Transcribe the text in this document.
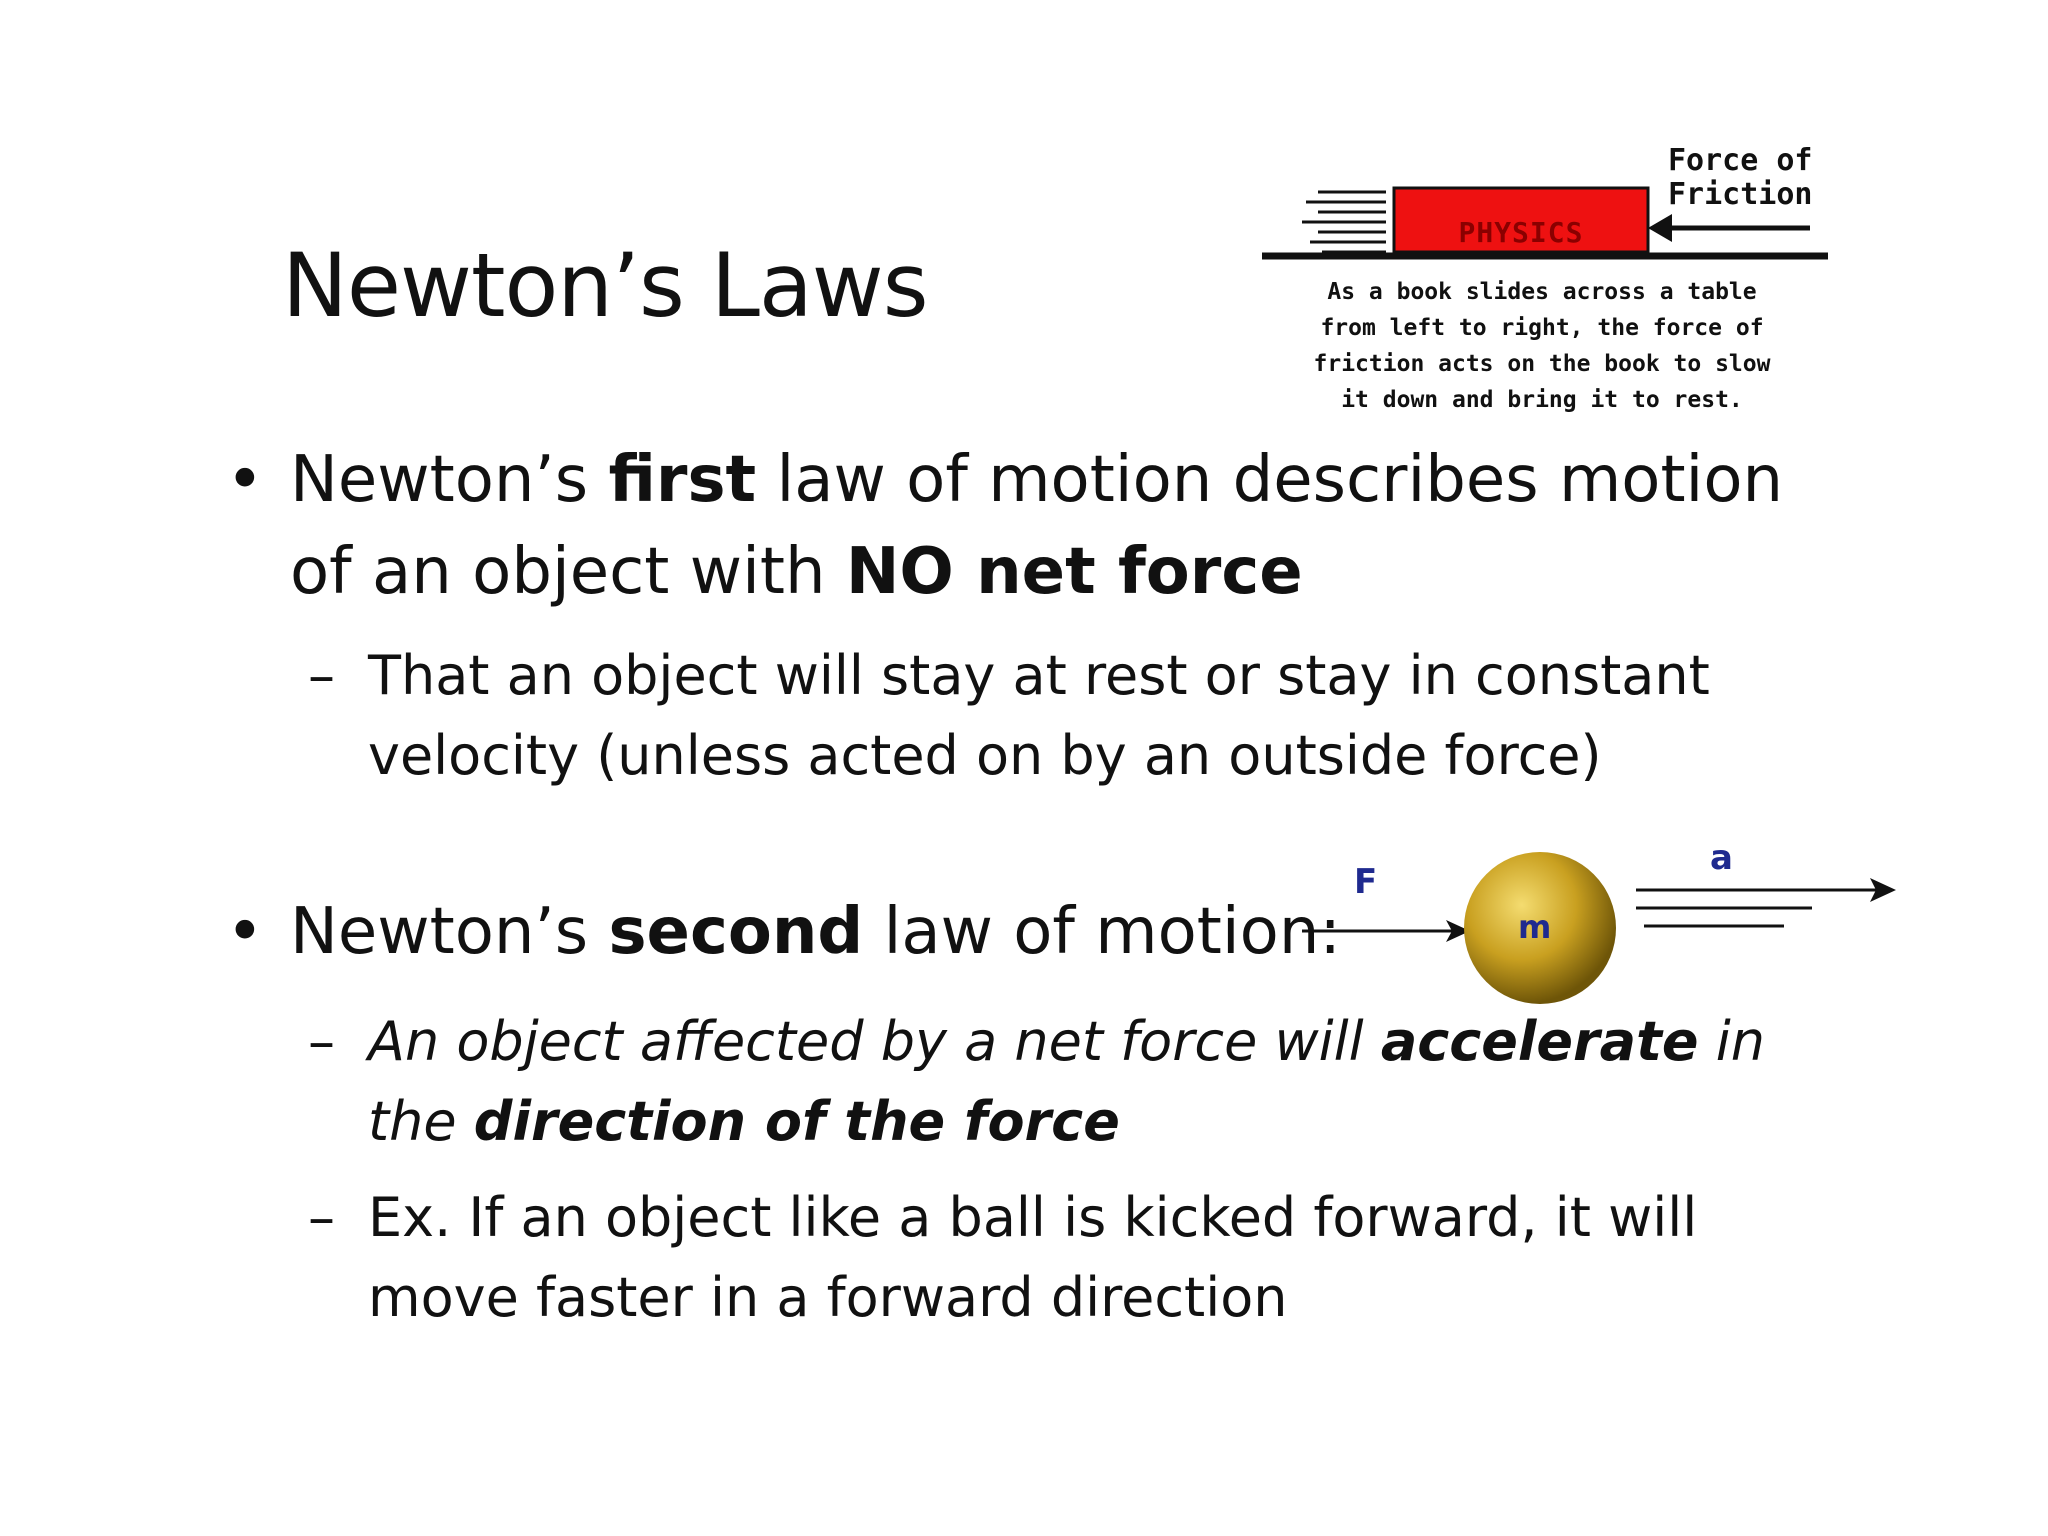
Newton’s Laws
Force of
Friction
PHYSICS
As a book slides across a table
from left to right, the force of
friction acts on the book to slow
it down and bring it to rest.
• Newton’s first law of motion describes motion of an object with NO net force
– That an object will stay at rest or stay in constant velocity (unless acted on by an outside force)
• Newton’s second law of motion:
F
m
a
– An object affected by a net force will accelerate in the direction of the force
– Ex. If an object like a ball is kicked forward, it will move faster in a forward direction
